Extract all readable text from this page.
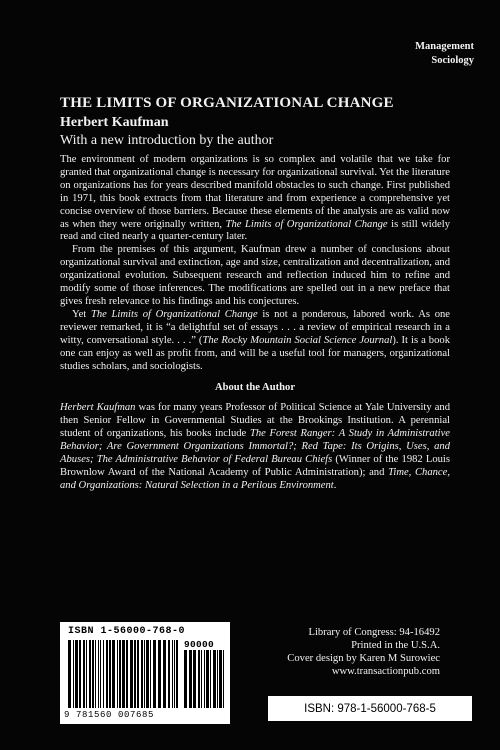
Management
Sociology
THE LIMITS OF ORGANIZATIONAL CHANGE
Herbert Kaufman
With a new introduction by the author

The environment of modern organizations is so complex and volatile that we take for granted that organizational change is necessary for organizational survival. Yet the literature on organizations has for years described manifold obstacles to such change. First published in 1971, this book extracts from that literature and from experience a comprehensive yet concise overview of those barriers. Because these elements of the analysis are as valid now as when they were originally written, The Limits of Organizational Change is still widely read and cited nearly a quarter-century later.

From the premises of this argument, Kaufman drew a number of conclusions about organizational survival and extinction, age and size, centralization and decentralization, and organizational evolution. Subsequent research and reflection induced him to refine and modify some of those inferences. The modifications are spelled out in a new preface that gives fresh relevance to his findings and his conjectures.

Yet The Limits of Organizational Change is not a ponderous, labored work. As one reviewer remarked, it is “a delightful set of essays . . . a review of empirical research in a witty, conversational style. . . .” (The Rocky Mountain Social Science Journal). It is a book one can enjoy as well as profit from, and will be a useful tool for managers, organizational studies scholars, and sociologists.

About the Author

Herbert Kaufman was for many years Professor of Political Science at Yale University and then Senior Fellow in Governmental Studies at the Brookings Institution. A perennial student of organizations, his books include The Forest Ranger: A Study in Administrative Behavior; Are Government Organizations Immortal?; Red Tape: Its Origins, Uses, and Abuses; The Administrative Behavior of Federal Bureau Chiefs (Winner of the 1982 Louis Brownlow Award of the National Academy of Public Administration); and Time, Chance, and Organizations: Natural Selection in a Perilous Environment.

ISBN 1-56000-768-0
90000
9 781560 007685
Library of Congress: 94-16492
Printed in the U.S.A.
Cover design by Karen M Surowiec
www.transactionpub.com
ISBN: 978-1-56000-768-5
